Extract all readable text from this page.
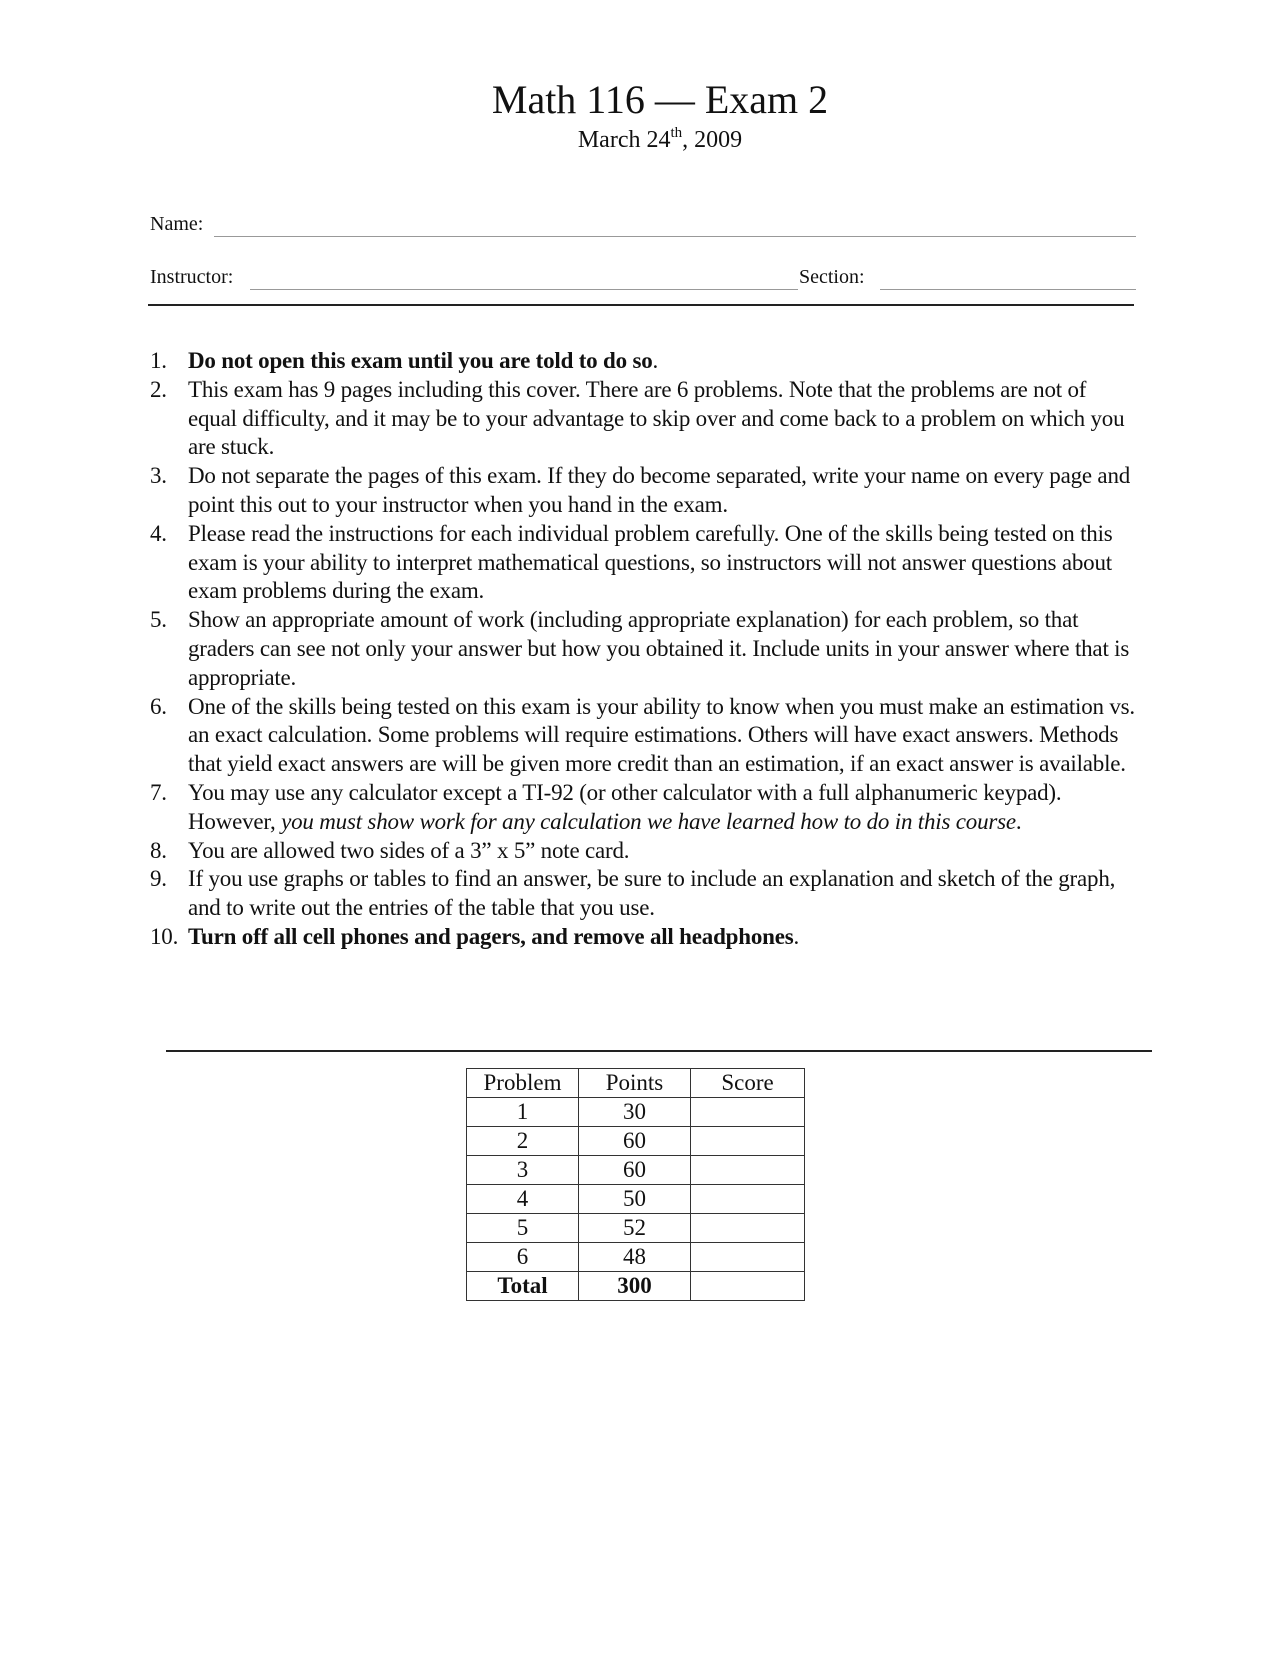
Math 116 — Exam 2
March 24th, 2009
Name:
Instructor:	Section:
1. Do not open this exam until you are told to do so.
2. This exam has 9 pages including this cover. There are 6 problems. Note that the problems are not of equal difficulty, and it may be to your advantage to skip over and come back to a problem on which you are stuck.
3. Do not separate the pages of this exam. If they do become separated, write your name on every page and point this out to your instructor when you hand in the exam.
4. Please read the instructions for each individual problem carefully. One of the skills being tested on this exam is your ability to interpret mathematical questions, so instructors will not answer questions about exam problems during the exam.
5. Show an appropriate amount of work (including appropriate explanation) for each problem, so that graders can see not only your answer but how you obtained it. Include units in your answer where that is appropriate.
6. One of the skills being tested on this exam is your ability to know when you must make an estimation vs. an exact calculation. Some problems will require estimations. Others will have exact answers. Methods that yield exact answers are will be given more credit than an estimation, if an exact answer is available.
7. You may use any calculator except a TI-92 (or other calculator with a full alphanumeric keypad). However, you must show work for any calculation we have learned how to do in this course.
8. You are allowed two sides of a 3” x 5” note card.
9. If you use graphs or tables to find an answer, be sure to include an explanation and sketch of the graph, and to write out the entries of the table that you use.
10. Turn off all cell phones and pagers, and remove all headphones.
Problem	Points	Score
1	30	
2	60	
3	60	
4	50	
5	52	
6	48	
Total	300	
